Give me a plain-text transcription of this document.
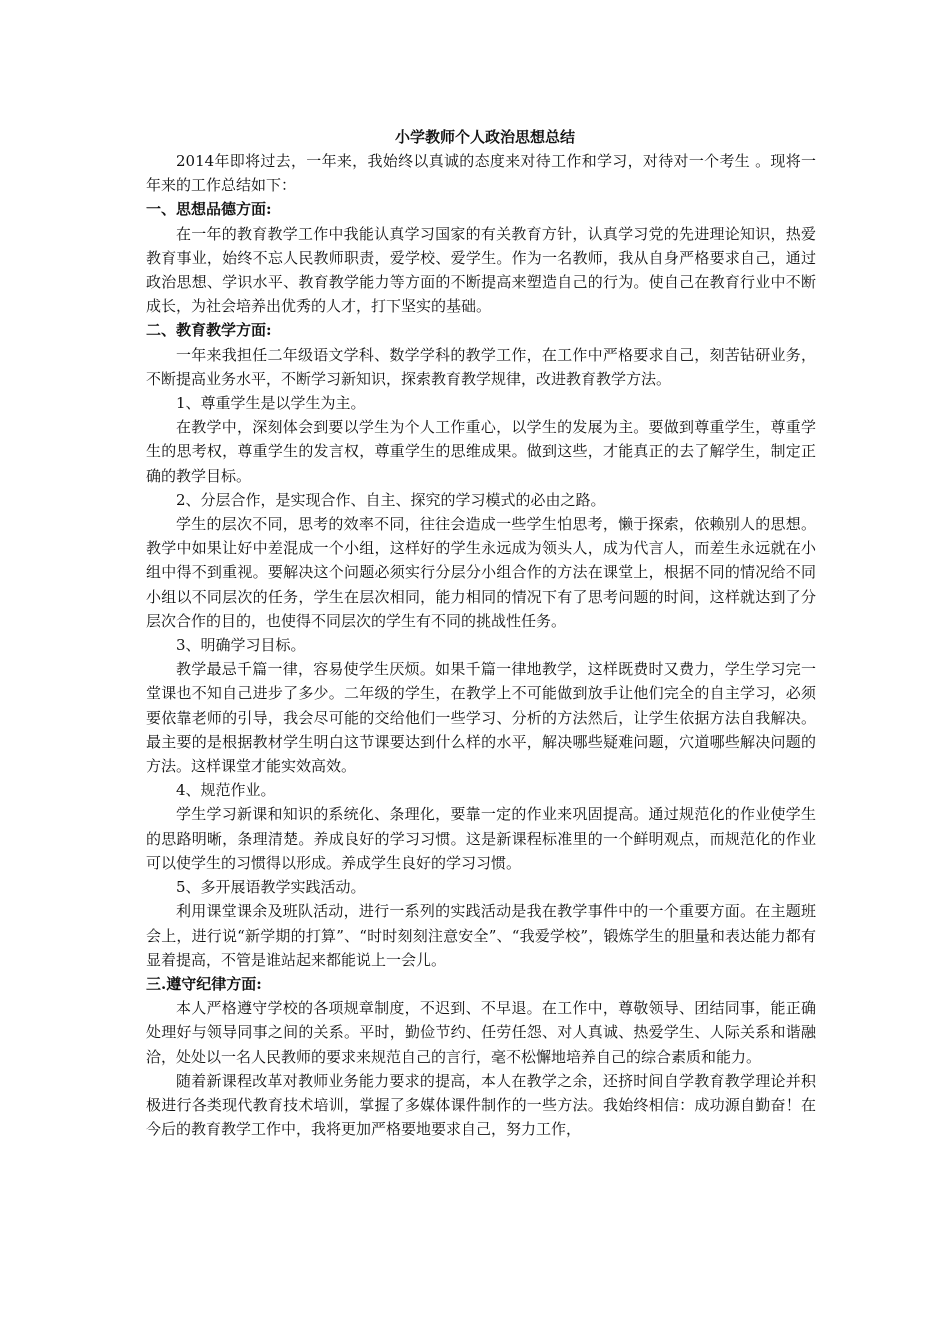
小学教师个人政治思想总结

2014年即将过去，一年来，我始终以真诚的态度来对待工作和学习，对待对一个考生 。现将一年来的工作总结如下：

一、思想品德方面:

在一年的教育教学工作中我能认真学习国家的有关教育方针，认真学习党的先进理论知识，热爱教育事业，始终不忘人民教师职责，爱学校、爱学生。作为一名教师，我从自身严格要求自己，通过政治思想、学识水平、教育教学能力等方面的不断提高来塑造自己的行为。使自己在教育行业中不断成长，为社会培养出优秀的人才，打下坚实的基础。

二、教育教学方面:

一年来我担任二年级语文学科、数学学科的教学工作，在工作中严格要求自己，刻苦钻研业务，不断提高业务水平，不断学习新知识，探索教育教学规律，改进教育教学方法。

1、尊重学生是以学生为主。

在教学中，深刻体会到要以学生为个人工作重心，以学生的发展为主。要做到尊重学生，尊重学生的思考权，尊重学生的发言权，尊重学生的思维成果。做到这些，才能真正的去了解学生，制定正确的教学目标。

2、分层合作，是实现合作、自主、探究的学习模式的必由之路。

学生的层次不同，思考的效率不同，往往会造成一些学生怕思考，懒于探索，依赖别人的思想。教学中如果让好中差混成一个小组，这样好的学生永远成为领头人，成为代言人，而差生永远就在小组中得不到重视。要解决这个问题必须实行分层分小组合作的方法在课堂上，根据不同的情况给不同小组以不同层次的任务，学生在层次相同，能力相同的情况下有了思考问题的时间，这样就达到了分层次合作的目的，也使得不同层次的学生有不同的挑战性任务。

3、明确学习目标。

教学最忌千篇一律，容易使学生厌烦。如果千篇一律地教学，这样既费时又费力，学生学习完一堂课也不知自己进步了多少。二年级的学生，在教学上不可能做到放手让他们完全的自主学习，必须要依靠老师的引导，我会尽可能的交给他们一些学习、分析的方法然后，让学生依据方法自我解决。最主要的是根据教材学生明白这节课要达到什么样的水平，解决哪些疑难问题，穴道哪些解决问题的方法。这样课堂才能实效高效。

4、规范作业。

学生学习新课和知识的系统化、条理化，要靠一定的作业来巩固提高。通过规范化的作业使学生的思路明晰，条理清楚。养成良好的学习习惯。这是新课程标准里的一个鲜明观点，而规范化的作业可以使学生的习惯得以形成。养成学生良好的学习习惯。

5、多开展语教学实践活动。

利用课堂课余及班队活动，进行一系列的实践活动是我在教学事件中的一个重要方面。在主题班会上，进行说“新学期的打算”、“时时刻刻注意安全”、“我爱学校”，锻炼学生的胆量和表达能力都有显着提高，不管是谁站起来都能说上一会儿。

三.遵守纪律方面:

本人严格遵守学校的各项规章制度，不迟到、不早退。在工作中，尊敬领导、团结同事，能正确处理好与领导同事之间的关系。平时，勤俭节约、任劳任怨、对人真诚、热爱学生、人际关系和谐融洽，处处以一名人民教师的要求来规范自己的言行，毫不松懈地培养自己的综合素质和能力。

随着新课程改革对教师业务能力要求的提高，本人在教学之余，还挤时间自学教育教学理论并积极进行各类现代教育技术培训，掌握了多媒体课件制作的一些方法。我始终相信：成功源自勤奋！在今后的教育教学工作中，我将更加严格要地要求自己，努力工作，
